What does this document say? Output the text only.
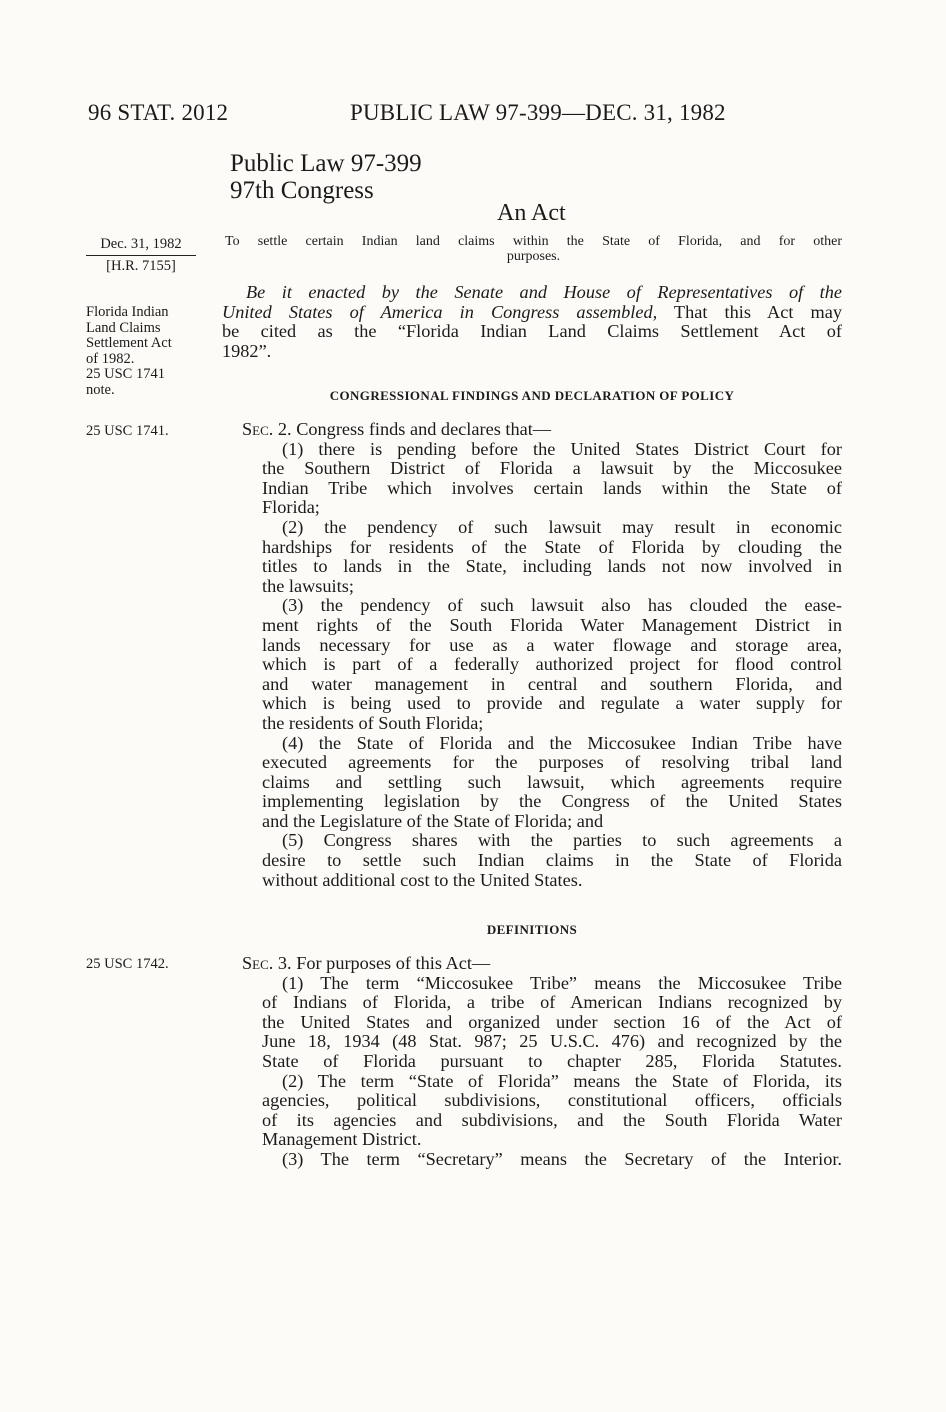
96 STAT. 2012	PUBLIC LAW 97-399—DEC. 31, 1982
Public Law 97-399
97th Congress
An Act
Dec. 31, 1982
[H.R. 7155]
To settle certain Indian land claims within the State of Florida, and for other
purposes.
Florida Indian
Land Claims
Settlement Act
of 1982.
25 USC 1741
note.

Be it enacted by the Senate and House of Representatives of the

United States of America in Congress assembled, That this Act may

be cited as the “Florida Indian Land Claims Settlement Act of

1982”.

CONGRESSIONAL FINDINGS AND DECLARATION OF POLICY
25 USC 1741.	Sec. 2. Congress finds and declares that—

(1) there is pending before the United States District Court for

the Southern District of Florida a lawsuit by the Miccosukee

Indian Tribe which involves certain lands within the State of

Florida;

(2) the pendency of such lawsuit may result in economic

hardships for residents of the State of Florida by clouding the

titles to lands in the State, including lands not now involved in

the lawsuits;

(3) the pendency of such lawsuit also has clouded the ease-

ment rights of the South Florida Water Management District in

lands necessary for use as a water flowage and storage area,

which is part of a federally authorized project for flood control

and water management in central and southern Florida, and

which is being used to provide and regulate a water supply for

the residents of South Florida;

(4) the State of Florida and the Miccosukee Indian Tribe have

executed agreements for the purposes of resolving tribal land

claims and settling such lawsuit, which agreements require

implementing legislation by the Congress of the United States

and the Legislature of the State of Florida; and

(5) Congress shares with the parties to such agreements a

desire to settle such Indian claims in the State of Florida

without additional cost to the United States.

DEFINITIONS
25 USC 1742.	Sec. 3. For purposes of this Act—

(1) The term “Miccosukee Tribe” means the Miccosukee Tribe

of Indians of Florida, a tribe of American Indians recognized by

the United States and organized under section 16 of the Act of

June 18, 1934 (48 Stat. 987; 25 U.S.C. 476) and recognized by the

State of Florida pursuant to chapter 285, Florida Statutes.

(2) The term “State of Florida” means the State of Florida, its

agencies, political subdivisions, constitutional officers, officials

of its agencies and subdivisions, and the South Florida Water

Management District.

(3) The term “Secretary” means the Secretary of the Interior.
